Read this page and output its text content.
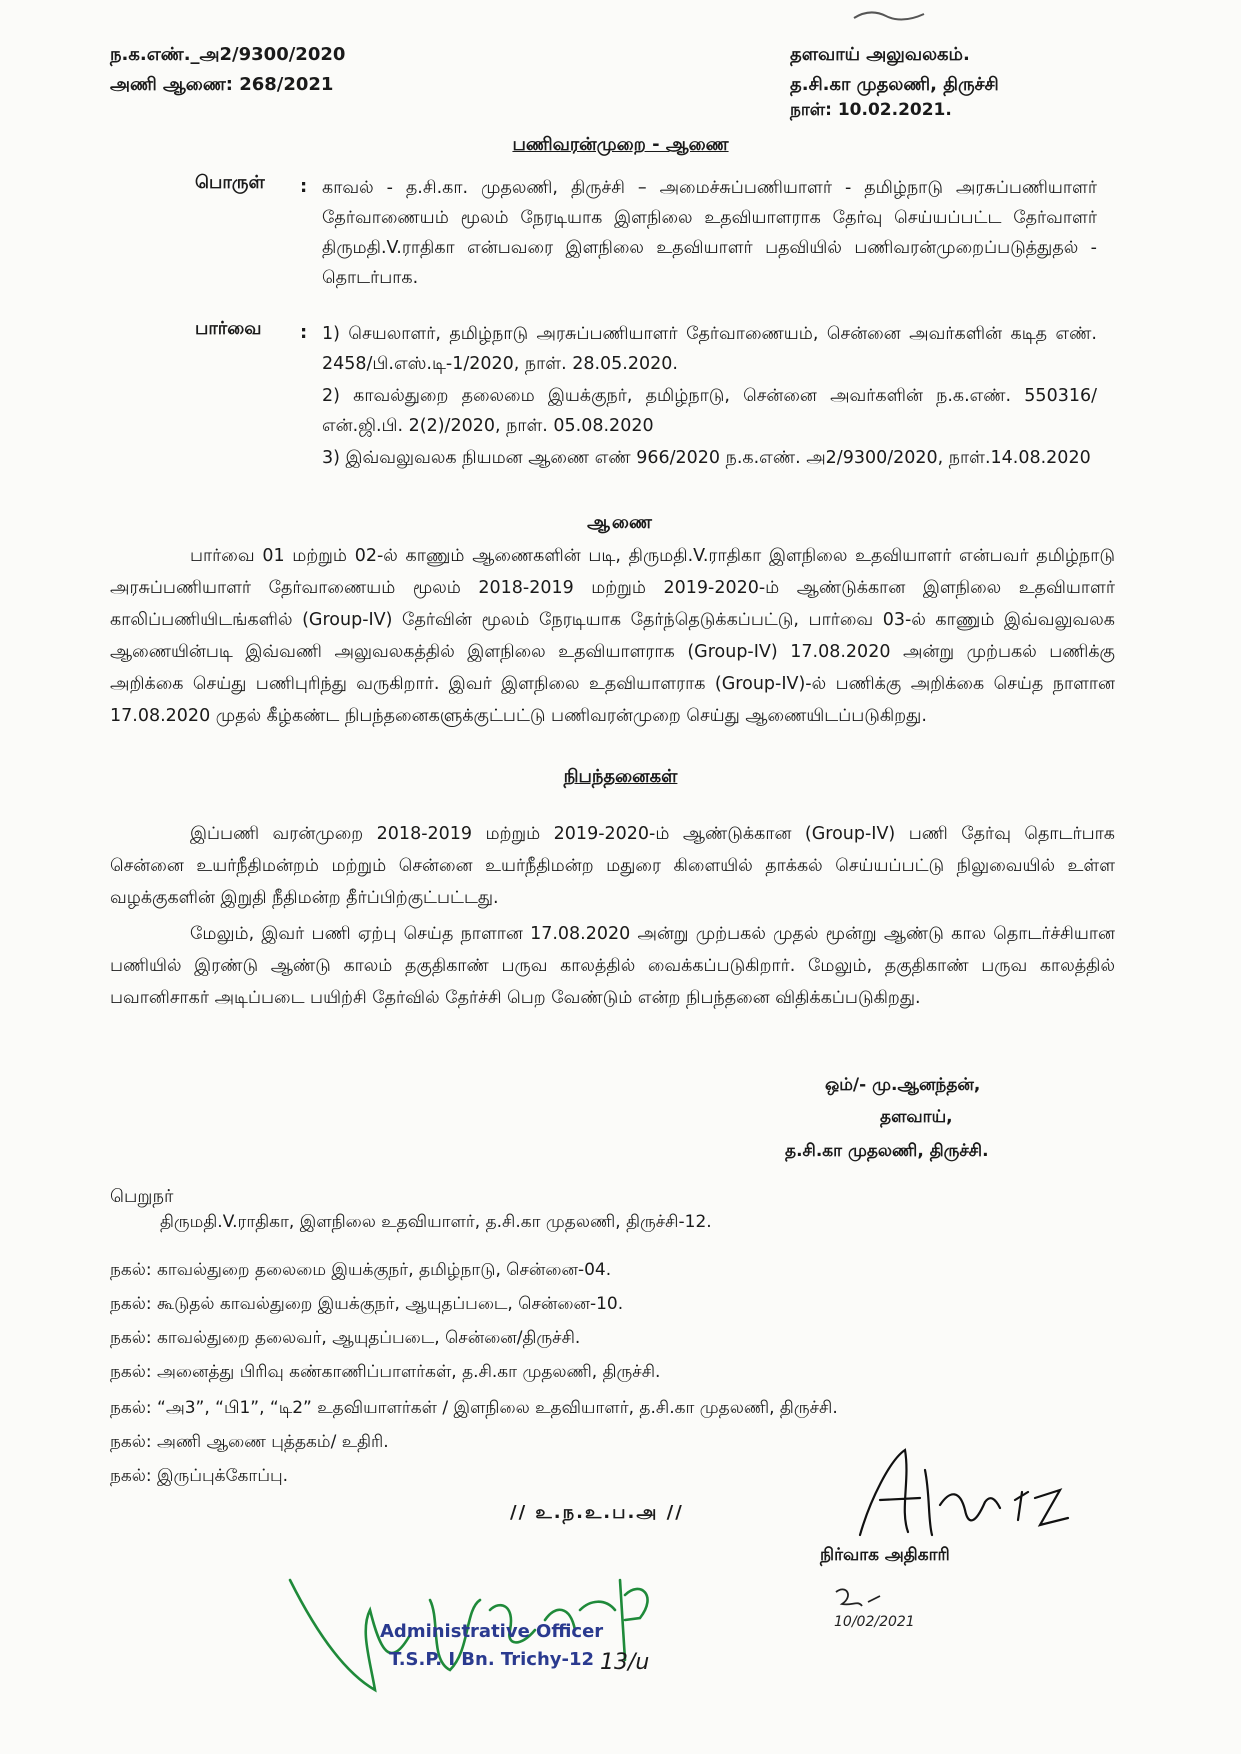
ந.க.எண்._அ2/9300/2020
அணி ஆணை: 268/2021
தளவாய் அலுவலகம்.
த.சி.கா முதலணி, திருச்சி
நாள்: 10.02.2021.
பணிவரன்முறை - ஆணை
பொருள் : காவல் - த.சி.கா. முதலணி, திருச்சி – அமைச்சுப்பணியாளர் - தமிழ்நாடு அரசுப்பணியாளர் தேர்வாணையம் மூலம் நேரடியாக இளநிலை உதவியாளராக தேர்வு செய்யப்பட்ட தேர்வாளர் திருமதி.V.ராதிகா என்பவரை இளநிலை உதவியாளர் பதவியில் பணிவரன்முறைப்படுத்துதல் - தொடர்பாக.
பார்வை : 1) செயலாளர், தமிழ்நாடு அரசுப்பணியாளர் தேர்வாணையம், சென்னை அவர்களின் கடித எண். 2458/பி.எஸ்.டி-1/2020, நாள். 28.05.2020.
2) காவல்துறை தலைமை இயக்குநர், தமிழ்நாடு, சென்னை அவர்களின் ந.க.எண். 550316/என்.ஜி.பி. 2(2)/2020, நாள். 05.08.2020
3) இவ்வலுவலக நியமன ஆணை எண் 966/2020 ந.க.எண். அ2/9300/2020, நாள்.14.08.2020
ஆணை
பார்வை 01 மற்றும் 02-ல் காணும் ஆணைகளின் படி, திருமதி.V.ராதிகா இளநிலை உதவியாளர் என்பவர் தமிழ்நாடு அரசுப்பணியாளர் தேர்வாணையம் மூலம் 2018-2019 மற்றும் 2019-2020-ம் ஆண்டுக்கான இளநிலை உதவியாளர் காலிப்பணியிடங்களில் (Group-IV) தேர்வின் மூலம் நேரடியாக தேர்ந்தெடுக்கப்பட்டு, பார்வை 03-ல் காணும் இவ்வலுவலக ஆணையின்படி இவ்வணி அலுவலகத்தில் இளநிலை உதவியாளராக (Group-IV) 17.08.2020 அன்று முற்பகல் பணிக்கு அறிக்கை செய்து பணிபுரிந்து வருகிறார். இவர் இளநிலை உதவியாளராக (Group-IV)-ல் பணிக்கு அறிக்கை செய்த நாளான 17.08.2020 முதல் கீழ்கண்ட நிபந்தனைகளுக்குட்பட்டு பணிவரன்முறை செய்து ஆணையிடப்படுகிறது.
நிபந்தனைகள்
இப்பணி வரன்முறை 2018-2019 மற்றும் 2019-2020-ம் ஆண்டுக்கான (Group-IV) பணி தேர்வு தொடர்பாக சென்னை உயர்நீதிமன்றம் மற்றும் சென்னை உயர்நீதிமன்ற மதுரை கிளையில் தாக்கல் செய்யப்பட்டு நிலுவையில் உள்ள வழக்குகளின் இறுதி நீதிமன்ற தீர்ப்பிற்குட்பட்டது.
மேலும், இவர் பணி ஏற்பு செய்த நாளான 17.08.2020 அன்று முற்பகல் முதல் மூன்று ஆண்டு கால தொடர்ச்சியான பணியில் இரண்டு ஆண்டு காலம் தகுதிகாண் பருவ காலத்தில் வைக்கப்படுகிறார். மேலும், தகுதிகாண் பருவ காலத்தில் பவானிசாகர் அடிப்படை பயிற்சி தேர்வில் தேர்ச்சி பெற வேண்டும் என்ற நிபந்தனை விதிக்கப்படுகிறது.
ஒம்/- மு.ஆனந்தன்,
தளவாய்,
த.சி.கா முதலணி, திருச்சி.
பெறுநர்
திருமதி.V.ராதிகா, இளநிலை உதவியாளர், த.சி.கா முதலணி, திருச்சி-12.
நகல்: காவல்துறை தலைமை இயக்குநர், தமிழ்நாடு, சென்னை-04.
நகல்: கூடுதல் காவல்துறை இயக்குநர், ஆயுதப்படை, சென்னை-10.
நகல்: காவல்துறை தலைவர், ஆயுதப்படை, சென்னை/திருச்சி.
நகல்: அனைத்து பிரிவு கண்காணிப்பாளர்கள், த.சி.கா முதலணி, திருச்சி.
நகல்: “அ3”, “பி1”, “டி2” உதவியாளர்கள் / இளநிலை உதவியாளர், த.சி.கா முதலணி, திருச்சி.
நகல்: அணி ஆணை புத்தகம்/ உதிரி.
நகல்: இருப்புக்கோப்பு.
// உ.ந.உ.ப.அ //
நிர்வாக அதிகாரி
10/02/2021
Administrative Officer
T.S.P. I Bn. Trichy-12 13/u
